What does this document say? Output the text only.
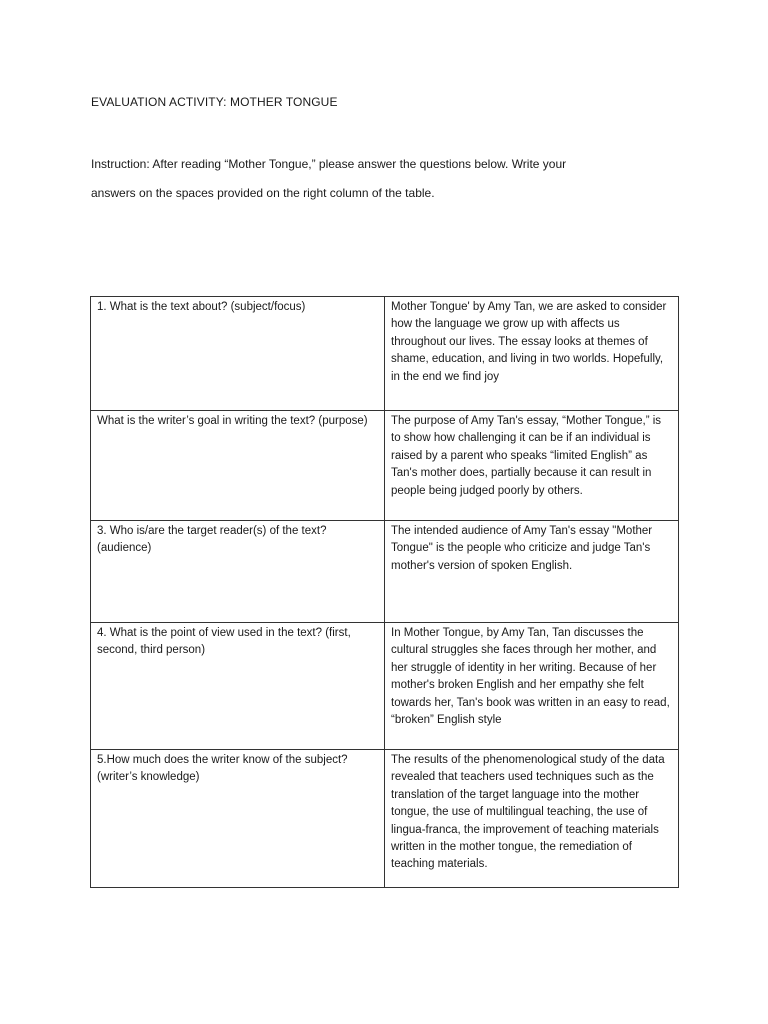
EVALUATION ACTIVITY: MOTHER TONGUE

Instruction: After reading “Mother Tongue,” please answer the questions below. Write your

answers on the spaces provided on the right column of the table.

1. What is the text about? (subject/focus)	Mother Tongue' by Amy Tan, we are asked to consider how the language we grow up with affects us throughout our lives. The essay looks at themes of shame, education, and living in two worlds. Hopefully, in the end we find joy
What is the writer’s goal in writing the text? (purpose)	The purpose of Amy Tan's essay, “Mother Tongue,” is to show how challenging it can be if an individual is raised by a parent who speaks “limited English” as Tan's mother does, partially because it can result in people being judged poorly by others.
3. Who is/are the target reader(s) of the text? (audience)	The intended audience of Amy Tan's essay "Mother Tongue" is the people who criticize and judge Tan's mother's version of spoken English.
4. What is the point of view used in the text? (first, second, third person)	In Mother Tongue, by Amy Tan, Tan discusses the cultural struggles she faces through her mother, and her struggle of identity in her writing. Because of her mother's broken English and her empathy she felt towards her, Tan's book was written in an easy to read, “broken” English style
5.How much does the writer know of the subject? (writer’s knowledge)	The results of the phenomenological study of the data revealed that teachers used techniques such as the translation of the target language into the mother tongue, the use of multilingual teaching, the use of lingua-franca, the improvement of teaching materials written in the mother tongue, the remediation of teaching materials.
